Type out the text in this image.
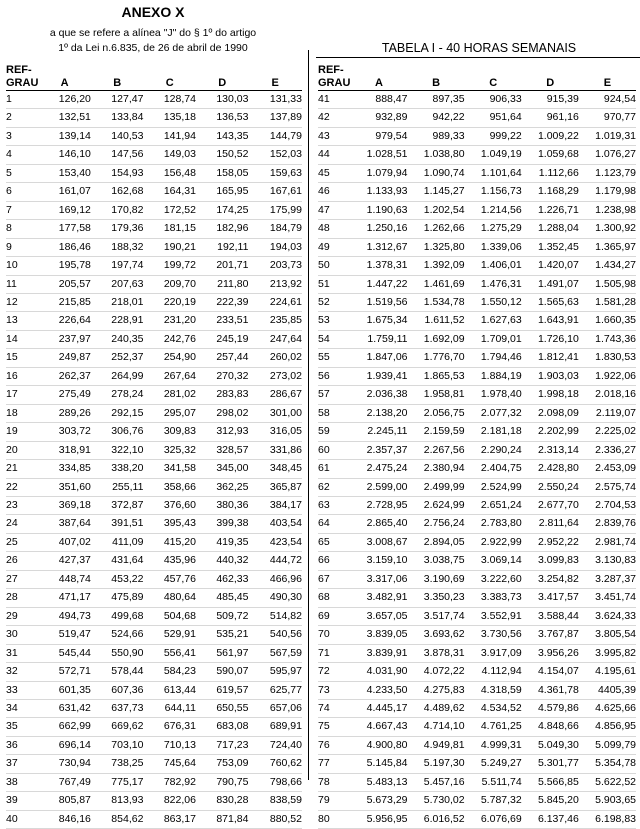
ANEXO X
a que se refere a alínea "J" do § 1º do artigo
1º da Lei n.6.835, de 26 de abril de 1990	TABELA I - 40 HORAS SEMANAIS
REF-
GRAU	A	B	C	D	E
1	126,20	127,47	128,74	130,03	131,33
2	132,51	133,84	135,18	136,53	137,89
3	139,14	140,53	141,94	143,35	144,79
4	146,10	147,56	149,03	150,52	152,03
5	153,40	154,93	156,48	158,05	159,63
6	161,07	162,68	164,31	165,95	167,61
7	169,12	170,82	172,52	174,25	175,99
8	177,58	179,36	181,15	182,96	184,79
9	186,46	188,32	190,21	192,11	194,03
10	195,78	197,74	199,72	201,71	203,73
11	205,57	207,63	209,70	211,80	213,92
12	215,85	218,01	220,19	222,39	224,61
13	226,64	228,91	231,20	233,51	235,85
14	237,97	240,35	242,76	245,19	247,64
15	249,87	252,37	254,90	257,44	260,02
16	262,37	264,99	267,64	270,32	273,02
17	275,49	278,24	281,02	283,83	286,67
18	289,26	292,15	295,07	298,02	301,00
19	303,72	306,76	309,83	312,93	316,05
20	318,91	322,10	325,32	328,57	331,86
21	334,85	338,20	341,58	345,00	348,45
22	351,60	255,11	358,66	362,25	365,87
23	369,18	372,87	376,60	380,36	384,17
24	387,64	391,51	395,43	399,38	403,54
25	407,02	411,09	415,20	419,35	423,54
26	427,37	431,64	435,96	440,32	444,72
27	448,74	453,22	457,76	462,33	466,96
28	471,17	475,89	480,64	485,45	490,30
29	494,73	499,68	504,68	509,72	514,82
30	519,47	524,66	529,91	535,21	540,56
31	545,44	550,90	556,41	561,97	567,59
32	572,71	578,44	584,23	590,07	595,97
33	601,35	607,36	613,44	619,57	625,77
34	631,42	637,73	644,11	650,55	657,06
35	662,99	669,62	676,31	683,08	689,91
36	696,14	703,10	710,13	717,23	724,40
37	730,94	738,25	745,64	753,09	760,62
38	767,49	775,17	782,92	790,75	798,66
39	805,87	813,93	822,06	830,28	838,59
40	846,16	854,62	863,17	871,84	880,52
REF-
GRAU	A	B	C	D	E
41	888,47	897,35	906,33	915,39	924,54
42	932,89	942,22	951,64	961,16	970,77
43	979,54	989,33	999,22	1.009,22	1.019,31
44	1.028,51	1.038,80	1.049,19	1.059,68	1.076,27
45	1.079,94	1.090,74	1.101,64	1.112,66	1.123,79
46	1.133,93	1.145,27	1.156,73	1.168,29	1.179,98
47	1.190,63	1.202,54	1.214,56	1.226,71	1.238,98
48	1.250,16	1.262,66	1.275,29	1.288,04	1.300,92
49	1.312,67	1.325,80	1.339,06	1.352,45	1.365,97
50	1.378,31	1.392,09	1.406,01	1.420,07	1.434,27
51	1.447,22	1.461,69	1.476,31	1.491,07	1.505,98
52	1.519,56	1.534,78	1.550,12	1.565,63	1.581,28
53	1.675,34	1.611,52	1.627,63	1.643,91	1.660,35
54	1.759,11	1.692,09	1.709,01	1.726,10	1.743,36
55	1.847,06	1.776,70	1.794,46	1.812,41	1.830,53
56	1.939,41	1.865,53	1.884,19	1.903,03	1.922,06
57	2.036,38	1.958,81	1.978,40	1.998,18	2.018,16
58	2.138,20	2.056,75	2.077,32	2.098,09	2.119,07
59	2.245,11	2.159,59	2.181,18	2.202,99	2.225,02
60	2.357,37	2.267,56	2.290,24	2.313,14	2.336,27
61	2.475,24	2.380,94	2.404,75	2.428,80	2.453,09
62	2.599,00	2.499,99	2.524,99	2.550,24	2.575,74
63	2.728,95	2.624,99	2.651,24	2.677,70	2.704,53
64	2.865,40	2.756,24	2.783,80	2.811,64	2.839,76
65	3.008,67	2.894,05	2.922,99	2.952,22	2.981,74
66	3.159,10	3.038,75	3.069,14	3.099,83	3.130,83
67	3.317,06	3.190,69	3.222,60	3.254,82	3.287,37
68	3.482,91	3.350,23	3.383,73	3.417,57	3.451,74
69	3.657,05	3.517,74	3.552,91	3.588,44	3.624,33
70	3.839,05	3.693,62	3.730,56	3.767,87	3.805,54
71	3.839,91	3.878,31	3.917,09	3.956,26	3.995,82
72	4.031,90	4.072,22	4.112,94	4.154,07	4.195,61
73	4.233,50	4.275,83	4.318,59	4.361,78	4405,39
74	4.445,17	4.489,62	4.534,52	4.579,86	4.625,66
75	4.667,43	4.714,10	4.761,25	4.848,66	4.856,95
76	4.900,80	4.949,81	4.999,31	5.049,30	5.099,79
77	5.145,84	5.197,30	5.249,27	5.301,77	5.354,78
78	5.483,13	5.457,16	5.511,74	5.566,85	5.622,52
79	5.673,29	5.730,02	5.787,32	5.845,20	5.903,65
80	5.956,95	6.016,52	6.076,69	6.137,46	6.198,83
